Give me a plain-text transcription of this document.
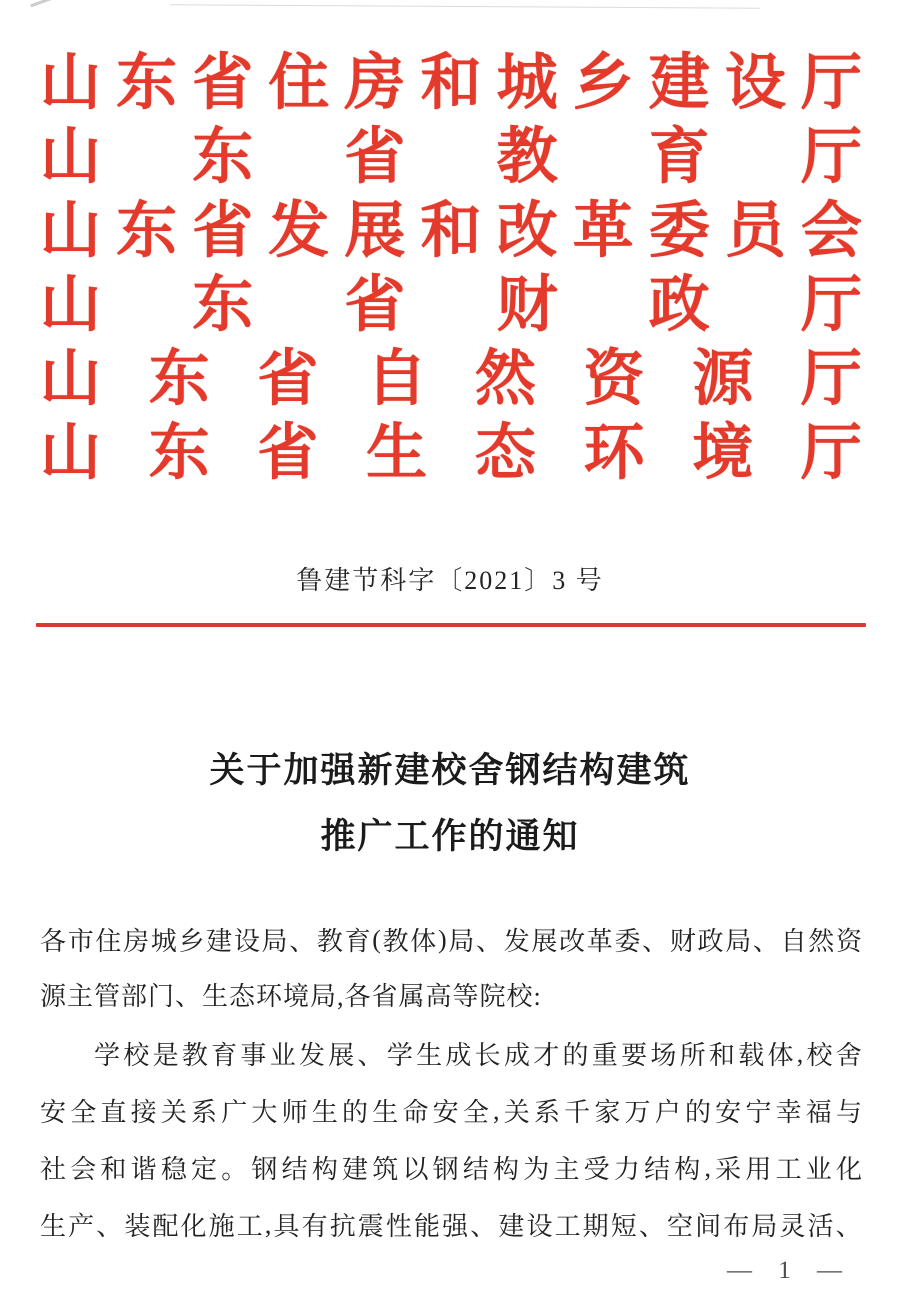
山 东 省 住 房 和 城 乡 建 设 厅
山 东 省 教 育 厅
山 东 省 发 展 和 改 革 委 员 会
山 东 省 财 政 厅
山 东 省 自 然 资 源 厅
山 东 省 生 态 环 境 厅
鲁建节科字〔2021〕3 号
关于加强新建校舍钢结构建筑
推广工作的通知
各 市 住 房 城 乡 建 设 局 、 教 育 ( 教 体 ) 局 、 发 展 改 革 委 、 财 政 局 、 自 然 资
源主管部门、生态环境局,各省属高等院校:
学 校 是 教 育 事 业 发 展 、 学 生 成 长 成 才 的 重 要 场 所 和 载 体 , 校 舍
安 全 直 接 关 系 广 大 师 生 的 生 命 安 全 , 关 系 千 家 万 户 的 安 宁 幸 福 与
社 会 和 谐 稳 定 。 钢 结 构 建 筑 以 钢 结 构 为 主 受 力 结 构 , 采 用 工 业 化
生 产 、 装 配 化 施 工 , 具 有 抗 震 性 能 强 、 建 设 工 期 短 、 空 间 布 局 灵 活 、
— 1 —
